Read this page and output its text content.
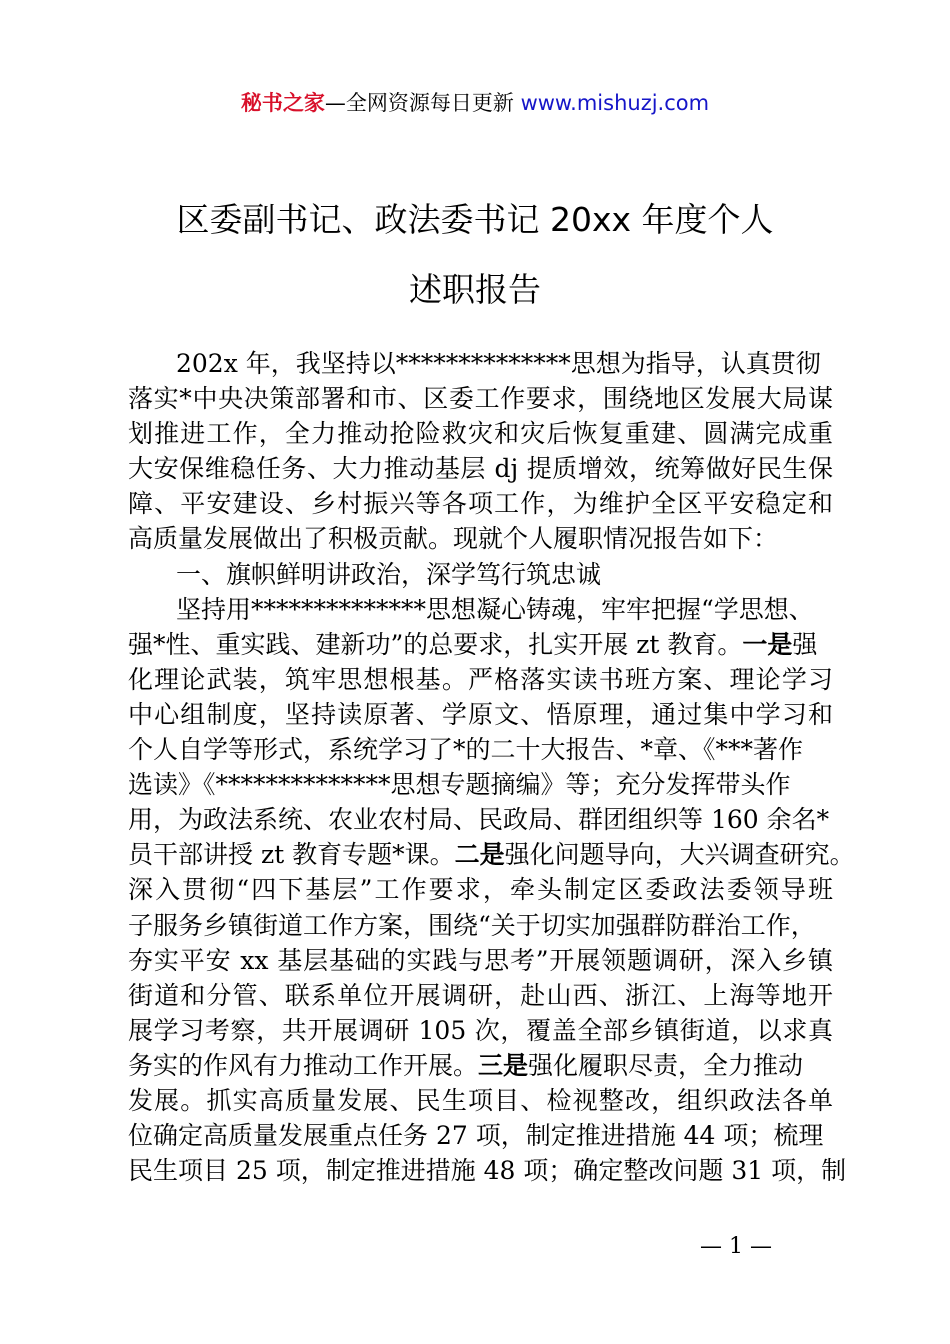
秘书之家—全网资源每日更新 www.mishuzj.com
区委副书记、政法委书记 20xx 年度个人
述职报告
202x 年，我坚持以**************思想为指导，认真贯彻
落实*中央决策部署和市、区委工作要求，围绕地区发展大局谋
划推进工作，全力推动抢险救灾和灾后恢复重建、圆满完成重
大安保维稳任务、大力推动基层 dj 提质增效，统筹做好民生保
障、平安建设、乡村振兴等各项工作，为维护全区平安稳定和
高质量发展做出了积极贡献。现就个人履职情况报告如下：
一、旗帜鲜明讲政治，深学笃行筑忠诚
坚持用**************思想凝心铸魂，牢牢把握“学思想、
强*性、重实践、建新功”的总要求，扎实开展 zt 教育。一是强
化理论武装，筑牢思想根基。严格落实读书班方案、理论学习
中心组制度，坚持读原著、学原文、悟原理，通过集中学习和
个人自学等形式，系统学习了*的二十大报告、*章、《***著作
选读》《**************思想专题摘编》等；充分发挥带头作
用，为政法系统、农业农村局、民政局、群团组织等 160 余名*
员干部讲授 zt 教育专题*课。二是强化问题导向，大兴调查研究。
深入贯彻“四下基层”工作要求，牵头制定区委政法委领导班
子服务乡镇街道工作方案，围绕“关于切实加强群防群治工作，
夯实平安 xx 基层基础的实践与思考”开展领题调研，深入乡镇
街道和分管、联系单位开展调研，赴山西、浙江、上海等地开
展学习考察，共开展调研 105 次，覆盖全部乡镇街道，以求真
务实的作风有力推动工作开展。三是强化履职尽责，全力推动
发展。抓实高质量发展、民生项目、检视整改，组织政法各单
位确定高质量发展重点任务 27 项，制定推进措施 44 项；梳理
民生项目 25 项，制定推进措施 48 项；确定整改问题 31 项，制
— 1 —
